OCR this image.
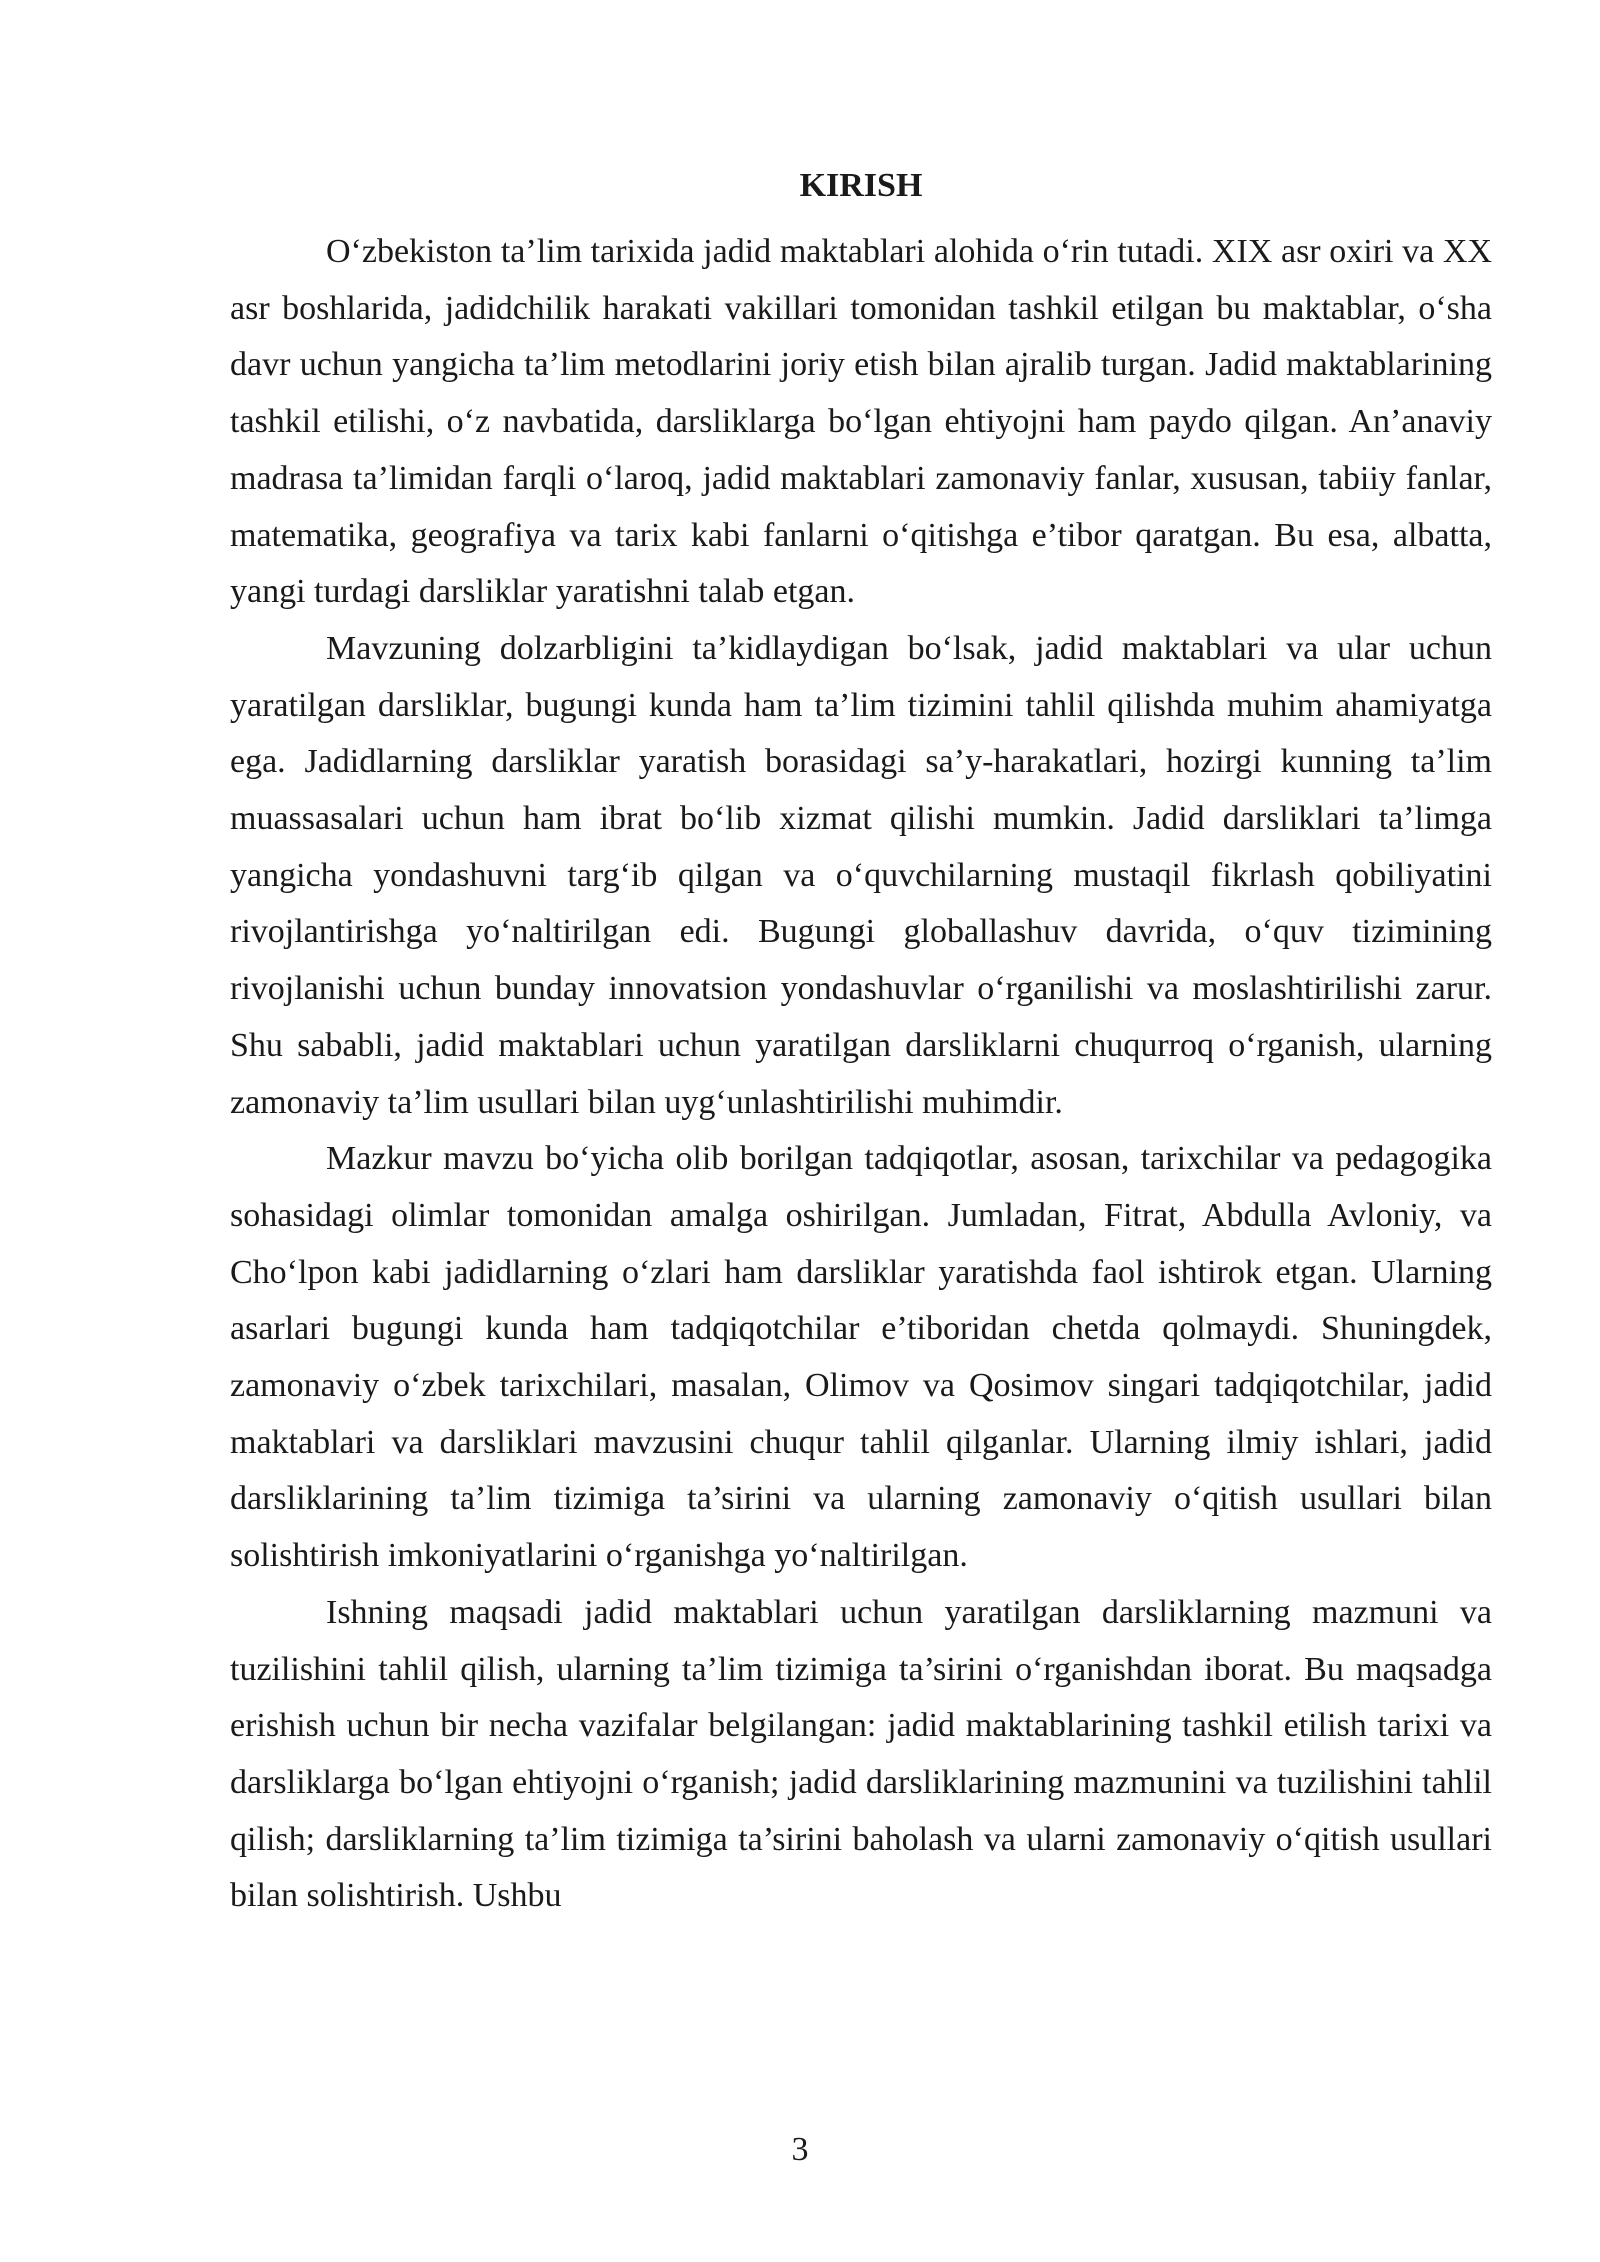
KIRISH

O‘zbekiston ta’lim tarixida jadid maktablari alohida o‘rin tutadi. XIX asr oxiri va XX asr boshlarida, jadidchilik harakati vakillari tomonidan tashkil etilgan bu maktablar, o‘sha davr uchun yangicha ta’lim metodlarini joriy etish bilan ajralib turgan. Jadid maktablarining tashkil etilishi, o‘z navbatida, darsliklarga bo‘lgan ehtiyojni ham paydo qilgan. An’anaviy madrasa ta’limidan farqli o‘laroq, jadid maktablari zamonaviy fanlar, xususan, tabiiy fanlar, matematika, geografiya va tarix kabi fanlarni o‘qitishga e’tibor qaratgan. Bu esa, albatta, yangi turdagi darsliklar yaratishni talab etgan.

Mavzuning dolzarbligini ta’kidlaydigan bo‘lsak, jadid maktablari va ular uchun yaratilgan darsliklar, bugungi kunda ham ta’lim tizimini tahlil qilishda muhim ahamiyatga ega. Jadidlarning darsliklar yaratish borasidagi sa’y-harakatlari, hozirgi kunning ta’lim muassasalari uchun ham ibrat bo‘lib xizmat qilishi mumkin. Jadid darsliklari ta’limga yangicha yondashuvni targ‘ib qilgan va o‘quvchilarning mustaqil fikrlash qobiliyatini rivojlantirishga yo‘naltirilgan edi. Bugungi globallashuv davrida, o‘quv tizimining rivojlanishi uchun bunday innovatsion yondashuvlar o‘rganilishi va moslashtirilishi zarur. Shu sababli, jadid maktablari uchun yaratilgan darsliklarni chuqurroq o‘rganish, ularning zamonaviy ta’lim usullari bilan uyg‘unlashtirilishi muhimdir.

Mazkur mavzu bo‘yicha olib borilgan tadqiqotlar, asosan, tarixchilar va pedagogika sohasidagi olimlar tomonidan amalga oshirilgan. Jumladan, Fitrat, Abdulla Avloniy, va Cho‘lpon kabi jadidlarning o‘zlari ham darsliklar yaratishda faol ishtirok etgan. Ularning asarlari bugungi kunda ham tadqiqotchilar e’tiboridan chetda qolmaydi. Shuningdek, zamonaviy o‘zbek tarixchilari, masalan, Olimov va Qosimov singari tadqiqotchilar, jadid maktablari va darsliklari mavzusini chuqur tahlil qilganlar. Ularning ilmiy ishlari, jadid darsliklarining ta’lim tizimiga ta’sirini va ularning zamonaviy o‘qitish usullari bilan solishtirish imkoniyatlarini o‘rganishga yo‘naltirilgan.

Ishning maqsadi jadid maktablari uchun yaratilgan darsliklarning mazmuni va tuzilishini tahlil qilish, ularning ta’lim tizimiga ta’sirini o‘rganishdan iborat. Bu maqsadga erishish uchun bir necha vazifalar belgilangan: jadid maktablarining tashkil etilish tarixi va darsliklarga bo‘lgan ehtiyojni o‘rganish; jadid darsliklarining mazmunini va tuzilishini tahlil qilish; darsliklarning ta’lim tizimiga ta’sirini baholash va ularni zamonaviy o‘qitish usullari bilan solishtirish. Ushbu

3
